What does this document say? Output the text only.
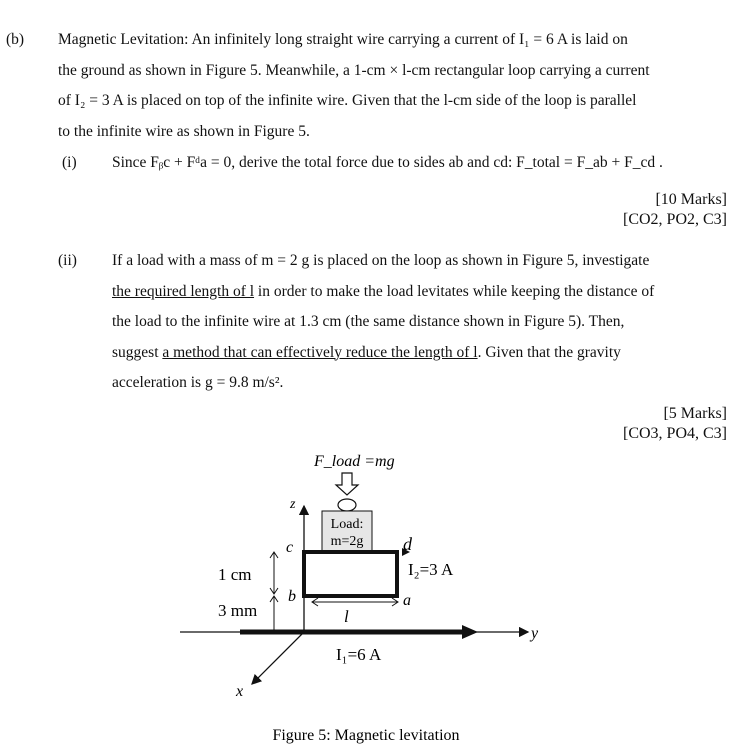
(b) Magnetic Levitation: An infinitely long straight wire carrying a current of I₁ = 6 A is laid on
the ground as shown in Figure 5. Meanwhile, a 1-cm × l-cm rectangular loop carrying a current
of I₂ = 3 A is placed on top of the infinite wire. Given that the l-cm side of the loop is parallel
to the infinite wire as shown in Figure 5.
(i) Since Fᵦc + Fᵈa = 0, derive the total force due to sides ab and cd: F_total = F_ab + F_cd .
[10 Marks]
[CO2, PO2, C3]
(ii) If a load with a mass of m = 2 g is placed on the loop as shown in Figure 5, investigate
the required length of l in order to make the load levitates while keeping the distance of
the load to the infinite wire at 1.3 cm (the same distance shown in Figure 5). Then,
suggest a method that can effectively reduce the length of l. Given that the gravity
acceleration is g = 9.8 m/s².
[5 Marks]
[CO3, PO4, C3]
F_load =mg
Load:
m=2g
z
c	d
b	a
I₂=3 A
1 cm
3 mm	l
y
I₁=6 A
x
Figure 5: Magnetic levitation
